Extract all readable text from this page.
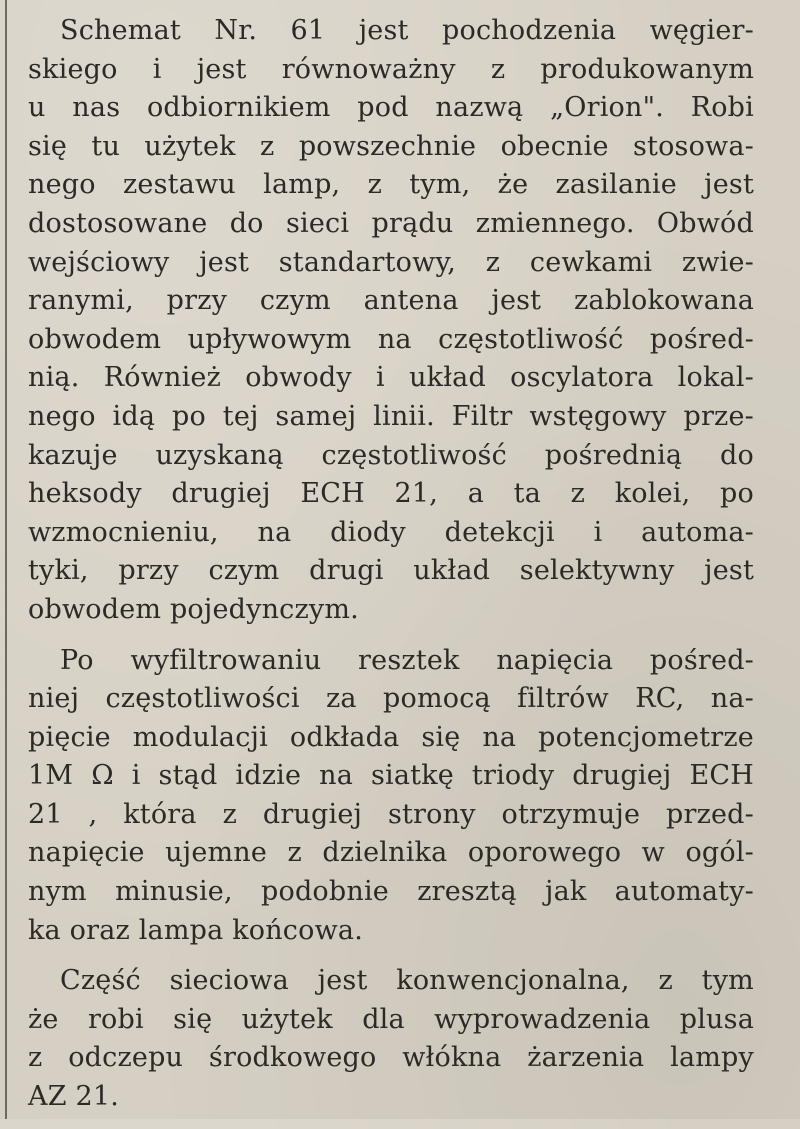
Schemat Nr. 61 jest pochodzenia węgier-
skiego i jest równoważny z produkowanym
u nas odbiornikiem pod nazwą „Orion". Robi
się tu użytek z powszechnie obecnie stosowa-
nego zestawu lamp, z tym, że zasilanie jest
dostosowane do sieci prądu zmiennego. Obwód
wejściowy jest standartowy, z cewkami zwie-
ranymi, przy czym antena jest zablokowana
obwodem upływowym na częstotliwość pośred-
nią. Również obwody i układ oscylatora lokal-
nego idą po tej samej linii. Filtr wstęgowy prze-
kazuje uzyskaną częstotliwość pośrednią do
heksody drugiej ECH 21, a ta z kolei, po
wzmocnieniu, na diody detekcji i automa-
tyki, przy czym drugi układ selektywny jest
obwodem pojedynczym.
Po wyfiltrowaniu resztek napięcia pośred-
niej częstotliwości za pomocą filtrów RC, na-
pięcie modulacji odkłada się na potencjometrze
1M Ω i stąd idzie na siatkę triody drugiej ECH
21 , która z drugiej strony otrzymuje przed-
napięcie ujemne z dzielnika oporowego w ogól-
nym minusie, podobnie zresztą jak automaty-
ka oraz lampa końcowa.
Część sieciowa jest konwencjonalna, z tym
że robi się użytek dla wyprowadzenia plusa
z odczepu środkowego włókna żarzenia lampy
AZ 21.
